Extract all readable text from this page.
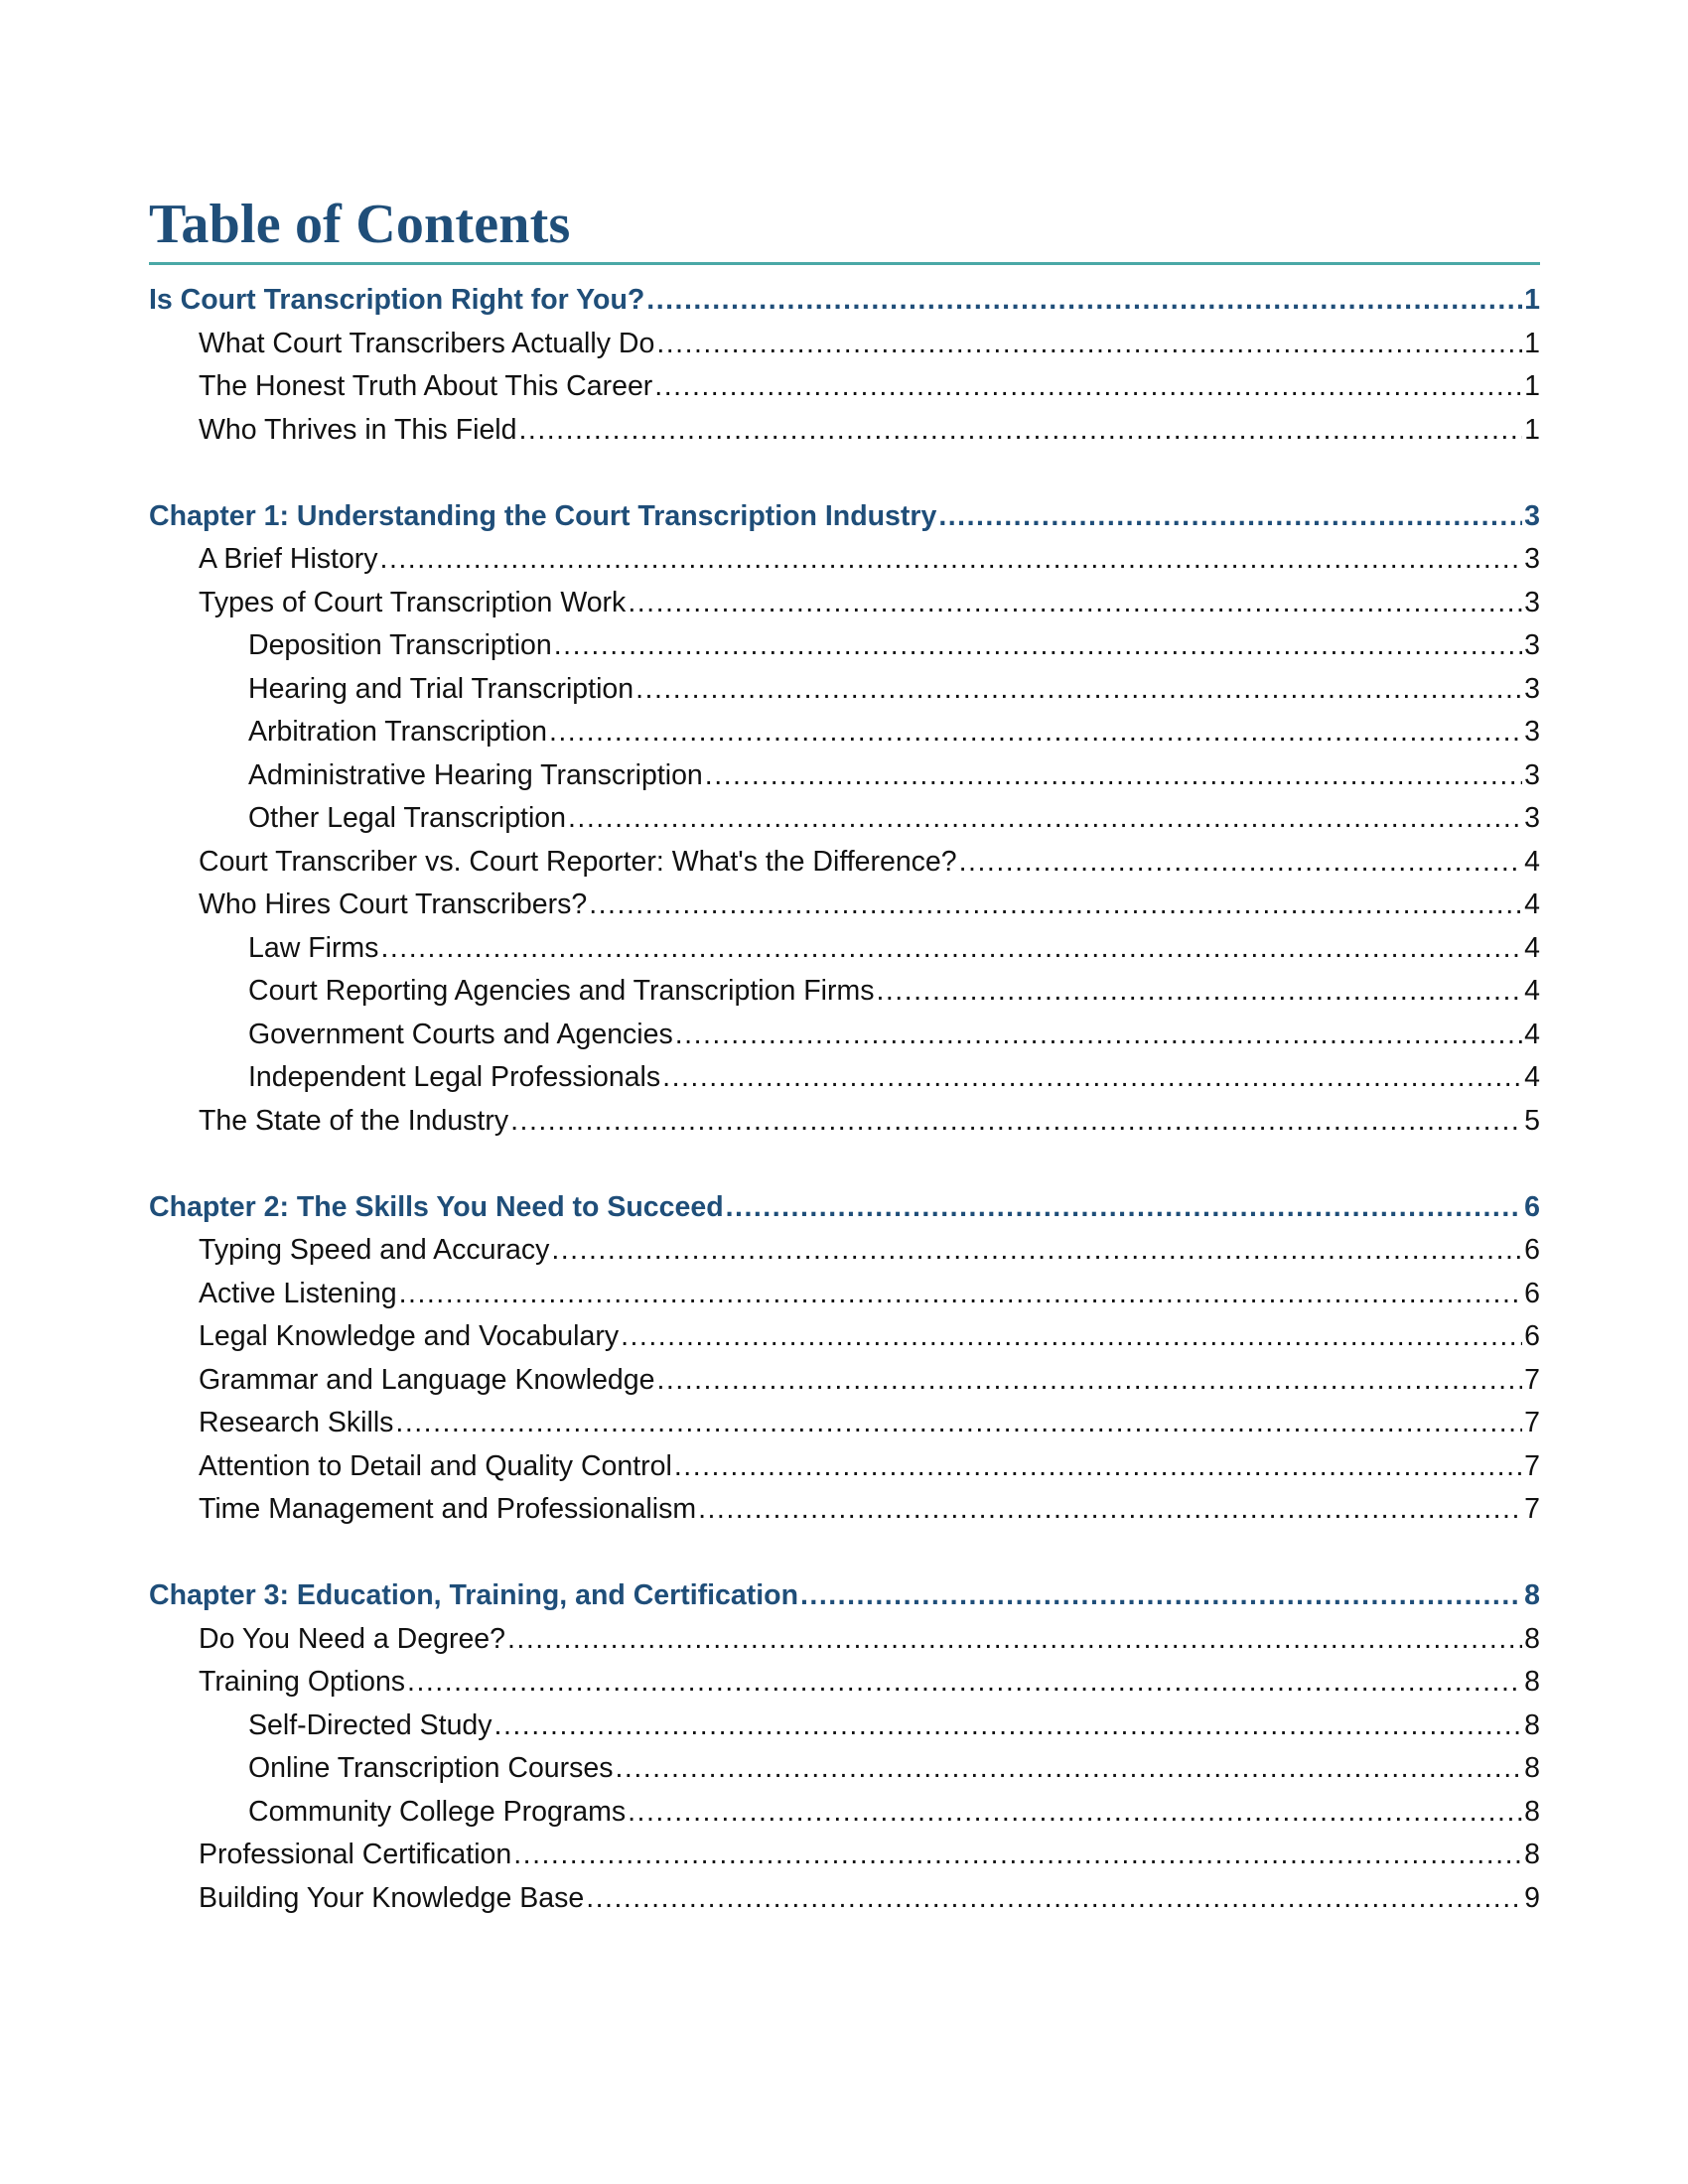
Table of Contents
Is Court Transcription Right for You? .....	1
What Court Transcribers Actually Do .....	1
The Honest Truth About This Career .....	1
Who Thrives in This Field .....	1
Chapter 1: Understanding the Court Transcription Industry .....	3
A Brief History .....	3
Types of Court Transcription Work .....	3
Deposition Transcription .....	3
Hearing and Trial Transcription .....	3
Arbitration Transcription .....	3
Administrative Hearing Transcription .....	3
Other Legal Transcription .....	3
Court Transcriber vs. Court Reporter: What's the Difference? .....	4
Who Hires Court Transcribers? .....	4
Law Firms .....	4
Court Reporting Agencies and Transcription Firms .....	4
Government Courts and Agencies .....	4
Independent Legal Professionals .....	4
The State of the Industry .....	5
Chapter 2: The Skills You Need to Succeed .....	6
Typing Speed and Accuracy .....	6
Active Listening .....	6
Legal Knowledge and Vocabulary .....	6
Grammar and Language Knowledge .....	7
Research Skills .....	7
Attention to Detail and Quality Control .....	7
Time Management and Professionalism .....	7
Chapter 3: Education, Training, and Certification .....	8
Do You Need a Degree? .....	8
Training Options .....	8
Self-Directed Study .....	8
Online Transcription Courses .....	8
Community College Programs .....	8
Professional Certification .....	8
Building Your Knowledge Base .....	9
